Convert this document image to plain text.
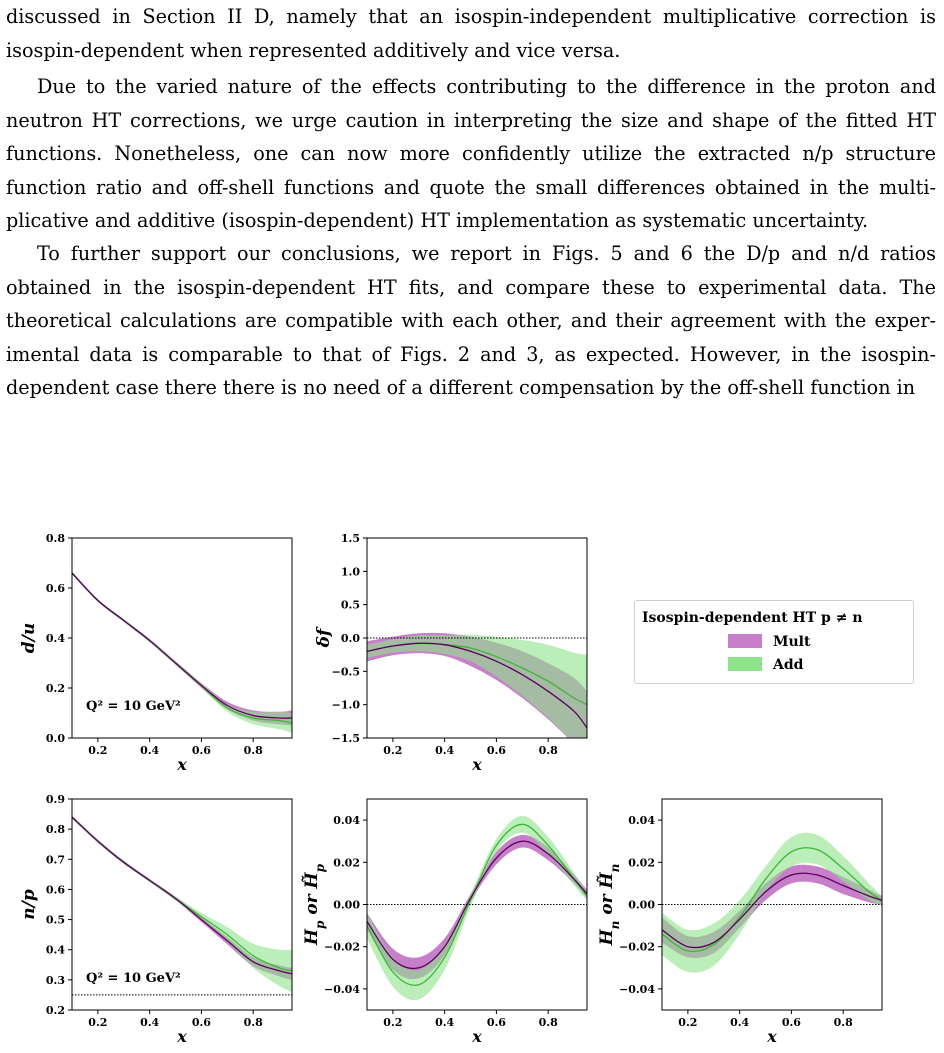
discussed in Section II D, namely that an isospin-independent multiplicative correction is
isospin-dependent when represented additively and vice versa.
Due to the varied nature of the effects contributing to the difference in the proton and
neutron HT corrections, we urge caution in interpreting the size and shape of the fitted HT
functions. Nonetheless, one can now more confidently utilize the extracted n/p structure
function ratio and off-shell functions and quote the small differences obtained in the multi-
plicative and additive (isospin-dependent) HT implementation as systematic uncertainty.
To further support our conclusions, we report in Figs. 5 and 6 the D/p and n/d ratios
obtained in the isospin-dependent HT fits, and compare these to experimental data. The
theoretical calculations are compatible with each other, and their agreement with the exper-
imental data is comparable to that of Figs. 2 and 3, as expected. However, in the isospin-
dependent case there there is no need of a different compensation by the off-shell function in
0.2	0.4	0.6	0.8
0.0
0.2
0.4
0.6
0.8
x
d/u
Q² = 10 GeV²
0.2	0.4	0.6	0.8
−1.5
−1.0
−0.5
0.0
0.5
1.0
1.5
x
δf
0.2	0.4	0.6	0.8
0.2
0.3
0.4
0.5
0.6
0.7
0.8
0.9
x
n/p
Q² = 10 GeV²
0.2	0.4	0.6	0.8
−0.04
−0.02
0.00
0.02
0.04
x
$H_p$ or $H̃_p$
0.2	0.4	0.6	0.8
−0.04
−0.02
0.00
0.02
0.04
x
$H_n$ or $H̃_n$
Isospin-dependent HT p ≠ n
Mult
Add
